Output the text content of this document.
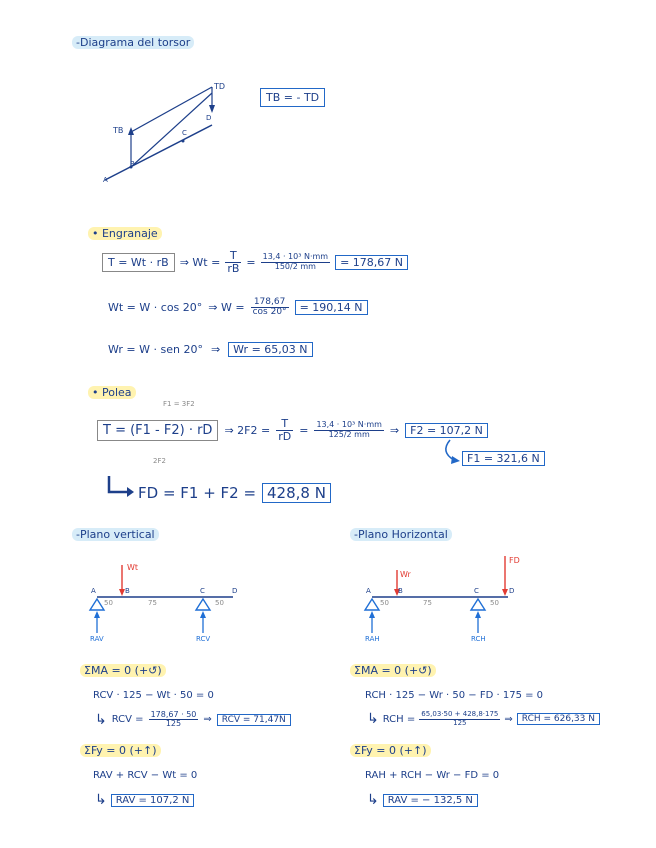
-Diagrama del torsor
TD
TB
A
B
C
D
TB = - TD
• Engranaje
T = Wt · rB	⇒ $Wt = \frac{T}{rB} = \frac{\text{13,4 · 10³ N·mm}}{150/2 mm} = 178,67$ N
Wt = W · cos 20° ⇒ $W = \frac{178,67}{\cos 20^\circ}$	= 190,14 N
Wr = W · sen 20° ⇒	Wr = 65,03 N
• Polea
F1 = 3F2
T = (F1 - F2) · rD	⇒ $2F2 = \frac{T}{rD} = \frac{\text{13,4 · 10³ N·mm}}{125/2 mm}$ ⇒	F2 = 107,2 N
2F2	F1 = 321,6 N
FD = F1 + F2 = 428,8 N
-Plano vertical
Wt
A	B	C	D
50	75	50
RAV	RCV
ΣMA = 0 (+↺)
RCV · 125 − Wt · 50 = 0
↳ RCV = $\frac{178,67 \cdot 50}{125}$ ⇒	RCV = 71,47N
ΣFy = 0 (+↑)
RAV + RCV − Wt = 0
↳ RAV = 107,2 N
-Plano Horizontal
Wr
FD
A	B	C	D
50	75	50
RAH	RCH
ΣMA = 0 (+↺)
RCH · 125 − Wr · 50 − FD · 175 = 0
↳ RCH = $\frac{65,03\cdot 50 + 428,8\cdot 175}{125}$ ⇒	RCH = 626,33 N
ΣFy = 0 (+↑)
RAH + RCH − Wr − FD = 0
↳ RAV = − 132,5 N
